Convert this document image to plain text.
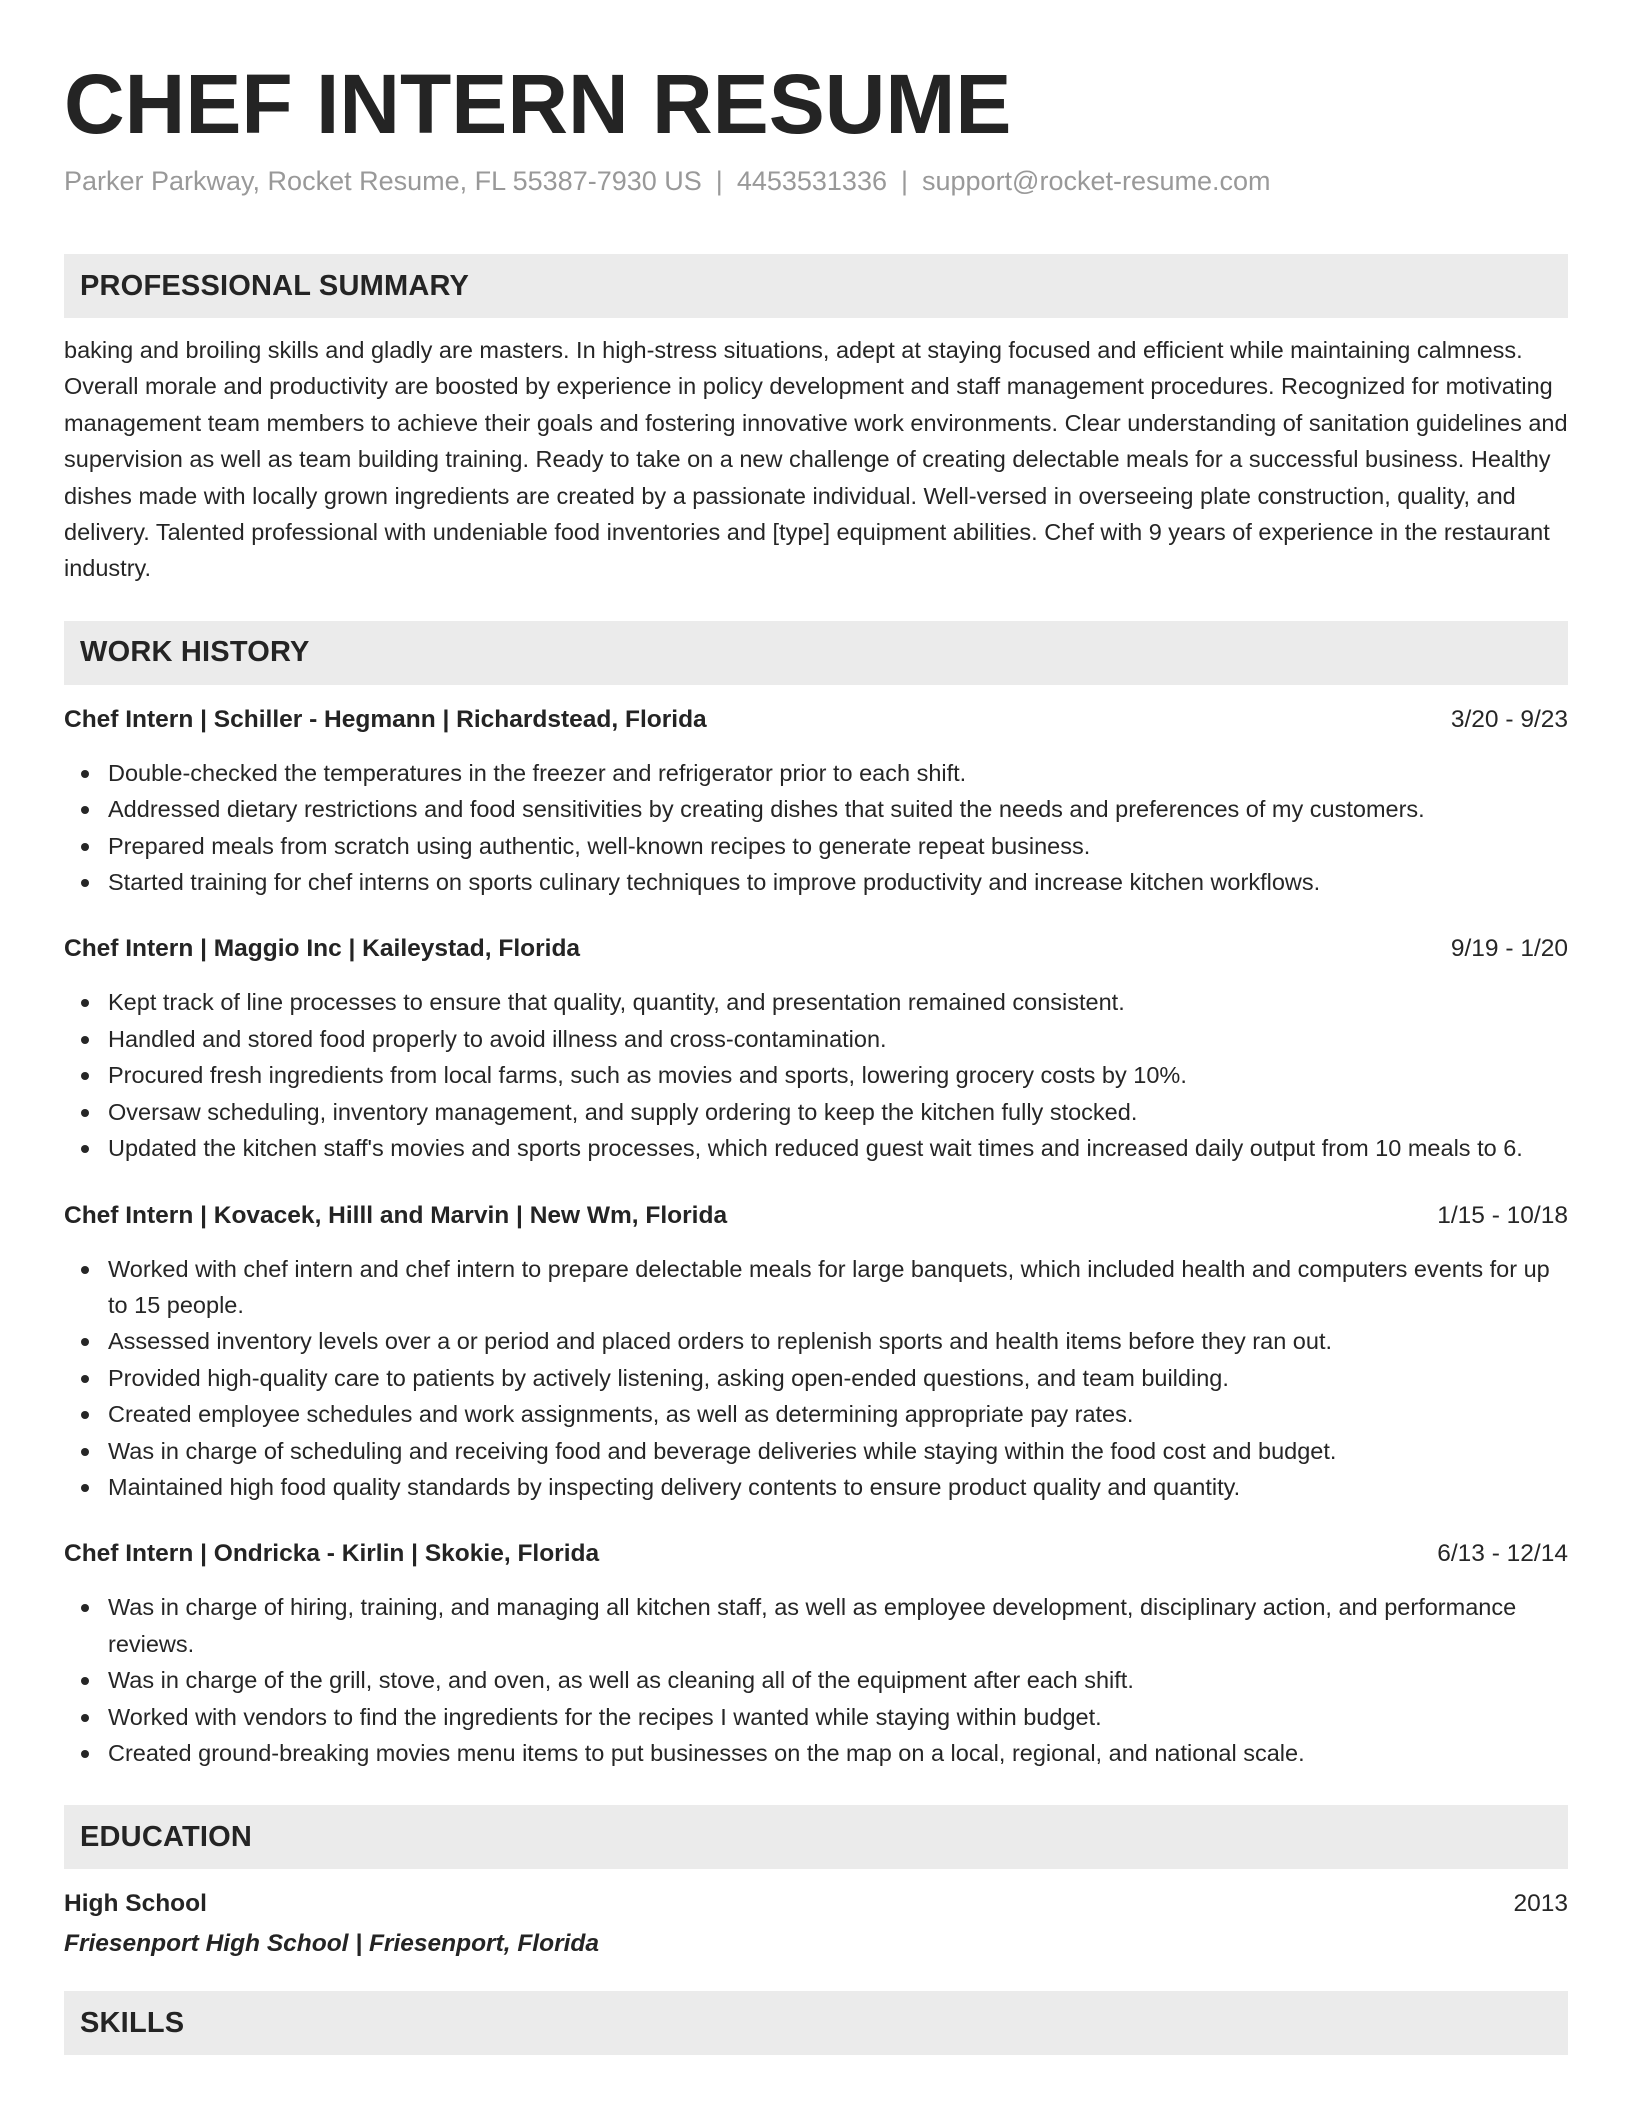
CHEF INTERN RESUME
Parker Parkway, Rocket Resume, FL 55387-7930 US | 4453531336 | support@rocket-resume.com
PROFESSIONAL SUMMARY

baking and broiling skills and gladly are masters. In high-stress situations, adept at staying focused and efficient while maintaining calmness. Overall morale and productivity are boosted by experience in policy development and staff management procedures. Recognized for motivating management team members to achieve their goals and fostering innovative work environments. Clear understanding of sanitation guidelines and supervision as well as team building training. Ready to take on a new challenge of creating delectable meals for a successful business. Healthy dishes made with locally grown ingredients are created by a passionate individual. Well-versed in overseeing plate construction, quality, and delivery. Talented professional with undeniable food inventories and [type] equipment abilities. Chef with 9 years of experience in the restaurant industry.

WORK HISTORY
Chef Intern | Schiller - Hegmann | Richardstead, Florida	3/20 - 9/23
Double-checked the temperatures in the freezer and refrigerator prior to each shift.
Addressed dietary restrictions and food sensitivities by creating dishes that suited the needs and preferences of my customers.
Prepared meals from scratch using authentic, well-known recipes to generate repeat business.
Started training for chef interns on sports culinary techniques to improve productivity and increase kitchen workflows.
Chef Intern | Maggio Inc | Kaileystad, Florida	9/19 - 1/20
Kept track of line processes to ensure that quality, quantity, and presentation remained consistent.
Handled and stored food properly to avoid illness and cross-contamination.
Procured fresh ingredients from local farms, such as movies and sports, lowering grocery costs by 10%.
Oversaw scheduling, inventory management, and supply ordering to keep the kitchen fully stocked.
Updated the kitchen staff's movies and sports processes, which reduced guest wait times and increased daily output from 10 meals to 6.
Chef Intern | Kovacek, Hilll and Marvin | New Wm, Florida	1/15 - 10/18
Worked with chef intern and chef intern to prepare delectable meals for large banquets, which included health and computers events for up to 15 people.
Assessed inventory levels over a or period and placed orders to replenish sports and health items before they ran out.
Provided high-quality care to patients by actively listening, asking open-ended questions, and team building.
Created employee schedules and work assignments, as well as determining appropriate pay rates.
Was in charge of scheduling and receiving food and beverage deliveries while staying within the food cost and budget.
Maintained high food quality standards by inspecting delivery contents to ensure product quality and quantity.
Chef Intern | Ondricka - Kirlin | Skokie, Florida	6/13 - 12/14
Was in charge of hiring, training, and managing all kitchen staff, as well as employee development, disciplinary action, and performance reviews.
Was in charge of the grill, stove, and oven, as well as cleaning all of the equipment after each shift.
Worked with vendors to find the ingredients for the recipes I wanted while staying within budget.
Created ground-breaking movies menu items to put businesses on the map on a local, regional, and national scale.
EDUCATION
High School	2013
Friesenport High School | Friesenport, Florida
SKILLS
